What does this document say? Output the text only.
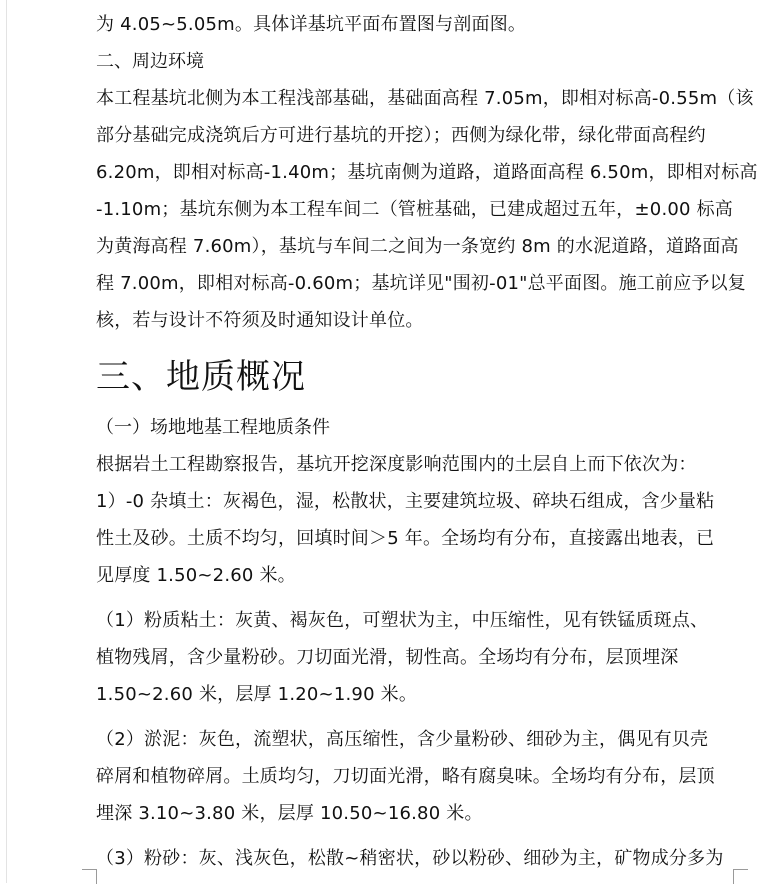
为 4.05~5.05m。具体详基坑平面布置图与剖面图。
二、周边环境
本工程基坑北侧为本工程浅部基础，基础面高程 7.05m，即相对标高-0.55m（该
部分基础完成浇筑后方可进行基坑的开挖）；西侧为绿化带，绿化带面高程约
6.20m，即相对标高-1.40m；基坑南侧为道路，道路面高程 6.50m，即相对标高
-1.10m；基坑东侧为本工程车间二（管桩基础，已建成超过五年，±0.00 标高
为黄海高程 7.60m），基坑与车间二之间为一条宽约 8m 的水泥道路，道路面高
程 7.00m，即相对标高-0.60m；基坑详见"围初-01"总平面图。施工前应予以复
核，若与设计不符须及时通知设计单位。
三、地质概况
（一）场地地基工程地质条件
根据岩土工程勘察报告，基坑开挖深度影响范围内的土层自上而下依次为：
1）-0 杂填土：灰褐色，湿，松散状，主要建筑垃圾、碎块石组成，含少量粘
性土及砂。土质不均匀，回填时间＞5 年。全场均有分布，直接露出地表，已
见厚度 1.50~2.60 米。
（1）粉质粘土：灰黄、褐灰色，可塑状为主，中压缩性，见有铁锰质斑点、
植物残屑，含少量粉砂。刀切面光滑，韧性高。全场均有分布，层顶埋深
1.50~2.60 米，层厚 1.20~1.90 米。
（2）淤泥：灰色，流塑状，高压缩性，含少量粉砂、细砂为主，偶见有贝壳
碎屑和植物碎屑。土质均匀，刀切面光滑，略有腐臭味。全场均有分布，层顶
埋深 3.10~3.80 米，层厚 10.50~16.80 米。
（3）粉砂：灰、浅灰色，松散~稍密状，砂以粉砂、细砂为主，矿物成分多为
